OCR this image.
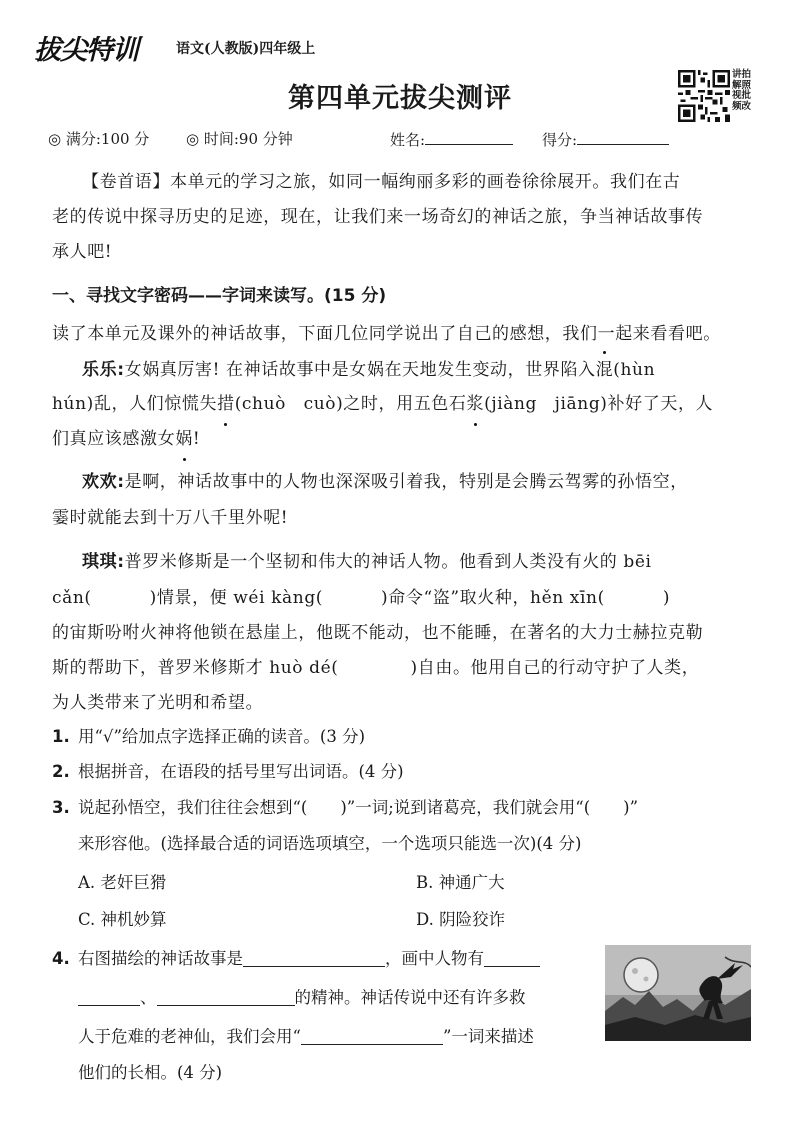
拔尖特训	语文(人教版)四年级上
第四单元拔尖测评
讲拍
解照
视批
频改
◎ 满分:100 分 ◎ 时间:90 分钟	姓名:	得分:
【卷首语】本单元的学习之旅，如同一幅绚丽多彩的画卷徐徐展开。我们在古
老的传说中探寻历史的足迹，现在，让我们来一场奇幻的神话之旅，争当神话故事传
承人吧!
一、寻找文字密码——字词来读写。(15 分)
读了本单元及课外的神话故事，下面几位同学说出了自己的感想，我们一起来看看吧。
乐乐:女娲真厉害! 在神话故事中是女娲在天地发生变动，世界陷入混(hùn
hún)乱，人们惊慌失措(chuò　cuò)之时，用五色石浆(jiàng　jiāng)补好了天，人
们真应该感激女娲!
欢欢:是啊，神话故事中的人物也深深吸引着我，特别是会腾云驾雾的孙悟空，
霎时就能去到十万八千里外呢!
琪琪:普罗米修斯是一个坚韧和伟大的神话人物。他看到人类没有火的 bēi
cǎn(	)情景，便 wéi kàng(	)命令“盗”取火种，hěn xīn(	)
的宙斯吩咐火神将他锁在悬崖上，他既不能动，也不能睡，在著名的大力士赫拉克勒
斯的帮助下，普罗米修斯才 huò dé(	)自由。他用自己的行动守护了人类，
为人类带来了光明和希望。
1. 用“√”给加点字选择正确的读音。(3 分)
2. 根据拼音，在语段的括号里写出词语。(4 分)
3. 说起孙悟空，我们往往会想到“(　　)”一词;说到诸葛亮，我们就会用“(　　)”
来形容他。(选择最合适的词语选项填空，一个选项只能选一次)(4 分)
A. 老奸巨猾	B. 神通广大
C. 神机妙算	D. 阴险狡诈
4. 右图描绘的神话故事是	，画中人物有
、	的精神。神话传说中还有许多救
人于危难的老神仙，我们会用“	”一词来描述
他们的长相。(4 分)
